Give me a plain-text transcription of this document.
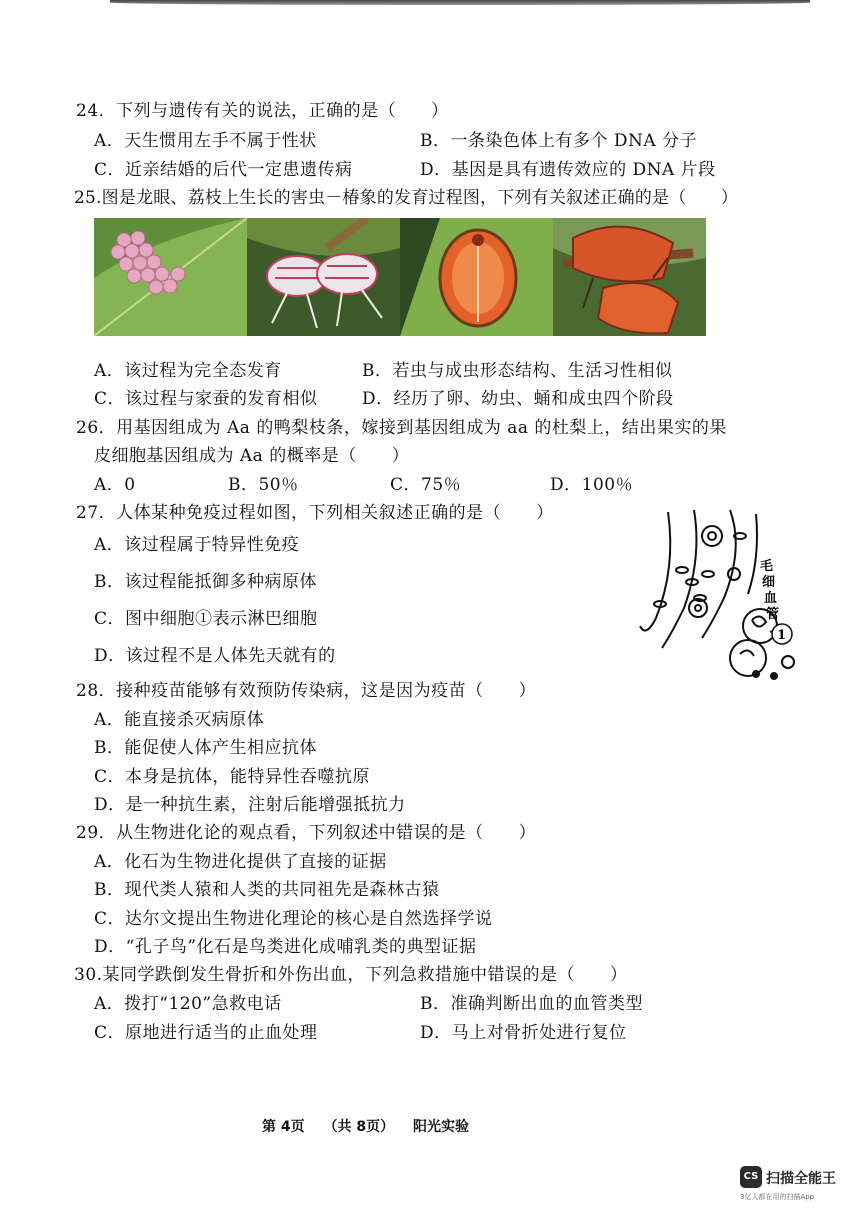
24．下列与遗传有关的说法，正确的是（　　）
A．天生惯用左手不属于性状	B．一条染色体上有多个 DNA 分子
C．近亲结婚的后代一定患遗传病	D．基因是具有遗传效应的 DNA 片段
25.图是龙眼、荔枝上生长的害虫－椿象的发育过程图，下列有关叙述正确的是（　　）
A．该过程为完全态发育	B．若虫与成虫形态结构、生活习性相似
C．该过程与家蚕的发育相似	D．经历了卵、幼虫、蛹和成虫四个阶段
26．用基因组成为 Aa 的鸭梨枝条，嫁接到基因组成为 aa 的杜梨上，结出果实的果
皮细胞基因组成为 Aa 的概率是（　　）
A．0	B．50％	C．75％	D．100％
27．人体某种免疫过程如图，下列相关叙述正确的是（　　）
A．该过程属于特异性免疫
B．该过程能抵御多种病原体
C．图中细胞①表示淋巴细胞
D．该过程不是人体先天就有的
1
毛
细
血
管
28．接种疫苗能够有效预防传染病，这是因为疫苗（　　）
A．能直接杀灭病原体
B．能促使人体产生相应抗体
C．本身是抗体，能特异性吞噬抗原
D．是一种抗生素，注射后能增强抵抗力
29．从生物进化论的观点看，下列叙述中错误的是（　　）
A．化石为生物进化提供了直接的证据
B．现代类人猿和人类的共同祖先是森林古猿
C．达尔文提出生物进化理论的核心是自然选择学说
D．“孔子鸟”化石是鸟类进化成哺乳类的典型证据
30.某同学跌倒发生骨折和外伤出血，下列急救措施中错误的是（　　）
A．拨打“120”急救电话	B．准确判断出血的血管类型
C．原地进行适当的止血处理	D．马上对骨折处进行复位
第 4页 （共 8页） 阳光实验
CS 扫描全能王
3亿人都在用的扫描App
